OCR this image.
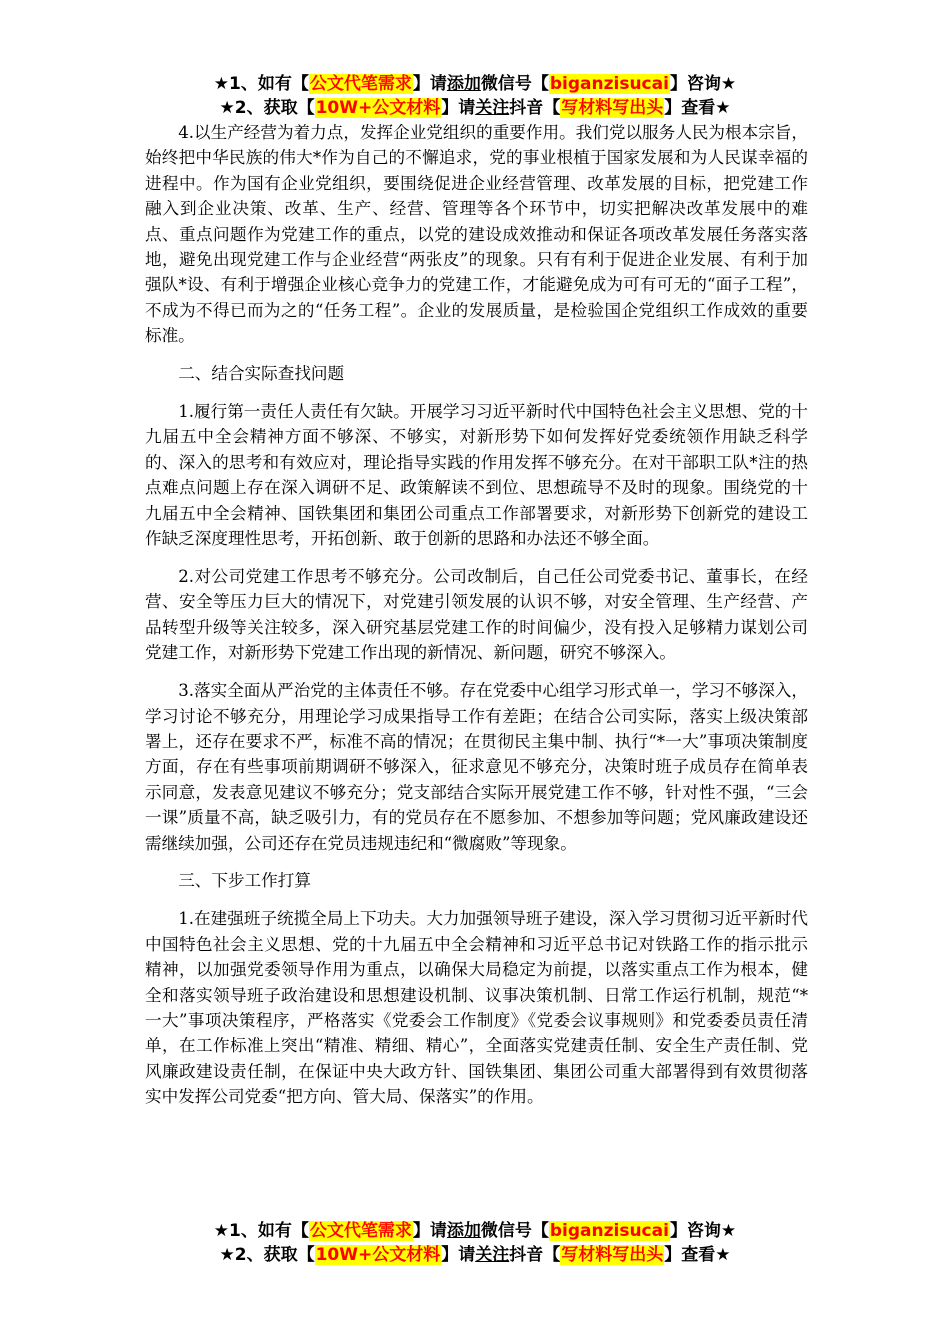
★1、如有【公文代笔需求】请添加微信号【biganzisucai】咨询★
★2、获取【10W+公文材料】请关注抖音【写材料写出头】查看★

4.以生产经营为着力点，发挥企业党组织的重要作用。我们党以服务人民为根本宗旨，始终把中华民族的伟大*作为自己的不懈追求，党的事业根植于国家发展和为人民谋幸福的进程中。作为国有企业党组织，要围绕促进企业经营管理、改革发展的目标，把党建工作融入到企业决策、改革、生产、经营、管理等各个环节中，切实把解决改革发展中的难点、重点问题作为党建工作的重点，以党的建设成效推动和保证各项改革发展任务落实落地，避免出现党建工作与企业经营“两张皮”的现象。只有有利于促进企业发展、有利于加强队*设、有利于增强企业核心竞争力的党建工作，才能避免成为可有可无的“面子工程”，不成为不得已而为之的“任务工程”。企业的发展质量，是检验国企党组织工作成效的重要标准。

二、结合实际查找问题

1.履行第一责任人责任有欠缺。开展学习习近平新时代中国特色社会主义思想、党的十九届五中全会精神方面不够深、不够实，对新形势下如何发挥好党委统领作用缺乏科学的、深入的思考和有效应对，理论指导实践的作用发挥不够充分。在对干部职工队*注的热点难点问题上存在深入调研不足、政策解读不到位、思想疏导不及时的现象。围绕党的十九届五中全会精神、国铁集团和集团公司重点工作部署要求，对新形势下创新党的建设工作缺乏深度理性思考，开拓创新、敢于创新的思路和办法还不够全面。

2.对公司党建工作思考不够充分。公司改制后，自己任公司党委书记、董事长，在经营、安全等压力巨大的情况下，对党建引领发展的认识不够，对安全管理、生产经营、产品转型升级等关注较多，深入研究基层党建工作的时间偏少，没有投入足够精力谋划公司党建工作，对新形势下党建工作出现的新情况、新问题，研究不够深入。

3.落实全面从严治党的主体责任不够。存在党委中心组学习形式单一，学习不够深入，学习讨论不够充分，用理论学习成果指导工作有差距；在结合公司实际，落实上级决策部署上，还存在要求不严，标准不高的情况；在贯彻民主集中制、执行“*一大”事项决策制度方面，存在有些事项前期调研不够深入，征求意见不够充分，决策时班子成员存在简单表示同意，发表意见建议不够充分；党支部结合实际开展党建工作不够，针对性不强，“三会一课”质量不高，缺乏吸引力，有的党员存在不愿参加、不想参加等问题；党风廉政建设还需继续加强，公司还存在党员违规违纪和“微腐败”等现象。

三、下步工作打算

1.在建强班子统揽全局上下功夫。大力加强领导班子建设，深入学习贯彻习近平新时代中国特色社会主义思想、党的十九届五中全会精神和习近平总书记对铁路工作的指示批示精神，以加强党委领导作用为重点，以确保大局稳定为前提，以落实重点工作为根本，健全和落实领导班子政治建设和思想建设机制、议事决策机制、日常工作运行机制，规范“*一大”事项决策程序，严格落实《党委会工作制度》《党委会议事规则》和党委委员责任清单，在工作标准上突出“精准、精细、精心”，全面落实党建责任制、安全生产责任制、党风廉政建设责任制，在保证中央大政方针、国铁集团、集团公司重大部署得到有效贯彻落实中发挥公司党委“把方向、管大局、保落实”的作用。

★1、如有【公文代笔需求】请添加微信号【biganzisucai】咨询★
★2、获取【10W+公文材料】请关注抖音【写材料写出头】查看★
